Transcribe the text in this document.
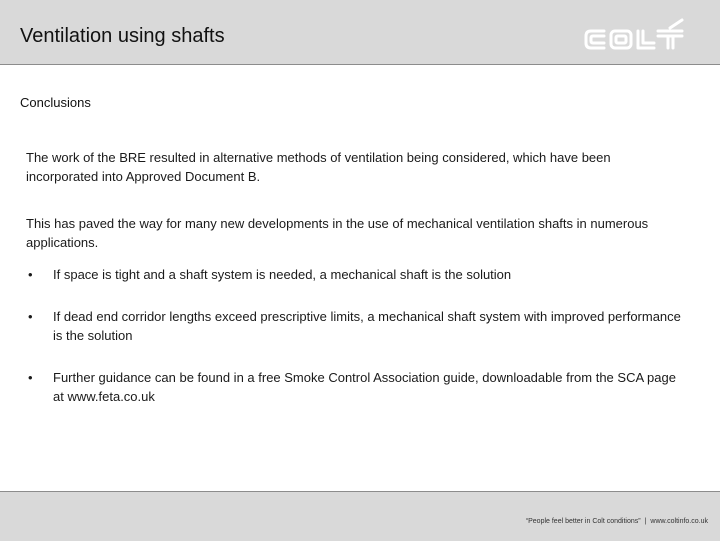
Ventilation using shafts
Conclusions

The work of the BRE resulted in alternative methods of ventilation being considered, which have been incorporated into Approved Document B.

This has paved the way for many new developments in the use of mechanical ventilation shafts in numerous applications.

• If space is tight and a shaft system is needed, a mechanical shaft is the solution
• If dead end corridor lengths exceed prescriptive limits, a mechanical shaft system with improved performance is the solution
• Further guidance can be found in a free Smoke Control Association guide, downloadable from the SCA page at www.feta.co.uk
“People feel better in Colt conditions” | www.coltinfo.co.uk
